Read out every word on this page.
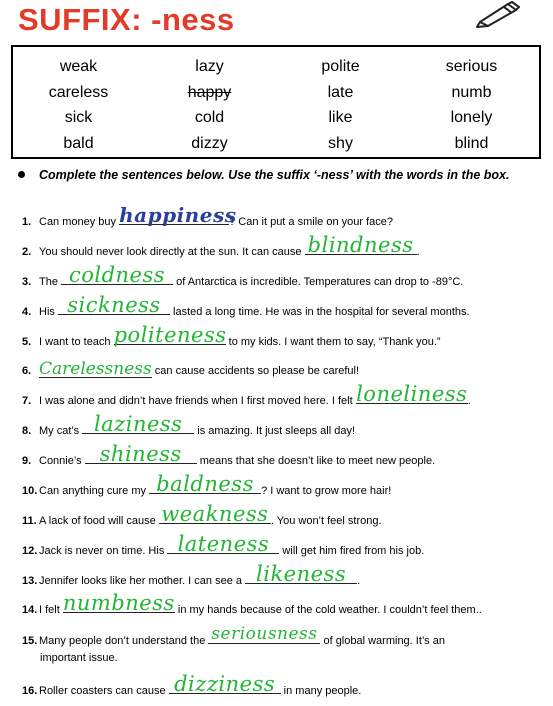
SUFFIX: -ness
weak	lazy	polite	serious
careless	happy	late	numb
sick	cold	like	lonely
bald	dizzy	shy	blind
Complete the sentences below. Use the suffix ‘-ness’ with the words in the box.
1. Can money buy happiness
? Can it put a smile on your face?
2. You should never look directly at the sun. It can cause blindness .
3. The coldness of Antarctica is incredible. Temperatures can drop to -89°C.
4. His sickness lasted a long time. He was in the hospital for several months.
5. I want to teach politeness to my kids. I want them to say, “Thank you.”
6. Carelessness can cause accidents so please be careful!
7. I was alone and didn’t have friends when I first moved here. I felt loneliness .
8. My cat’s laziness	is amazing. It just sleeps all day!
9. Connie’s shiness	means that she doesn’t like to meet new people.
10. Can anything cure my baldness ? I want to grow more hair!
11. A lack of food will cause weakness . You won’t feel strong.
12. Jack is never on time. His lateness will get him fired from his job.
13. Jennifer looks like her mother. I can see a likeness .
14. I felt numbness in my hands because of the cold weather. I couldn’t feel them..
15. Many people don’t understand the seriousness of global warming. It’s an
important issue.
16. Roller coasters can cause dizziness in many people.
